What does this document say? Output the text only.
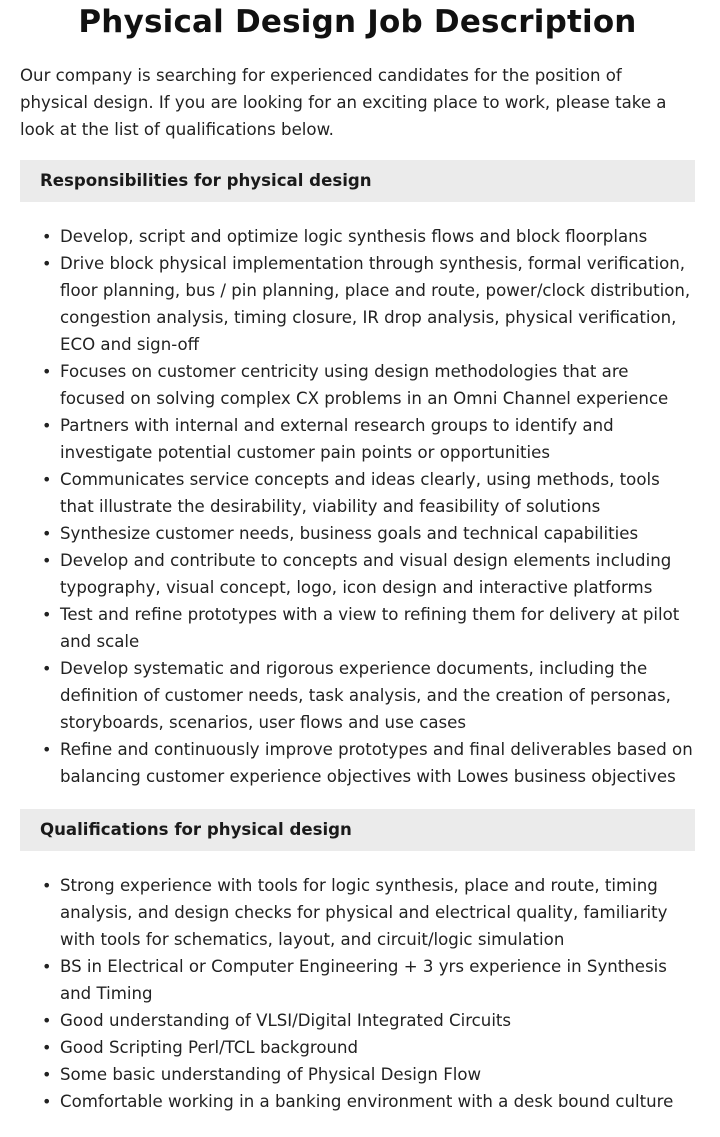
Physical Design Job Description

Our company is searching for experienced candidates for the position of physical design. If you are looking for an exciting place to work, please take a look at the list of qualifications below.

Responsibilities for physical design
• Develop, script and optimize logic synthesis flows and block floorplans
• Drive block physical implementation through synthesis, formal verification, floor planning, bus / pin planning, place and route, power/clock distribution, congestion analysis, timing closure, IR drop analysis, physical verification, ECO and sign-off
• Focuses on customer centricity using design methodologies that are focused on solving complex CX problems in an Omni Channel experience
• Partners with internal and external research groups to identify and investigate potential customer pain points or opportunities
• Communicates service concepts and ideas clearly, using methods, tools that illustrate the desirability, viability and feasibility of solutions
• Synthesize customer needs, business goals and technical capabilities
• Develop and contribute to concepts and visual design elements including typography, visual concept, logo, icon design and interactive platforms
• Test and refine prototypes with a view to refining them for delivery at pilot and scale
• Develop systematic and rigorous experience documents, including the definition of customer needs, task analysis, and the creation of personas, storyboards, scenarios, user flows and use cases
• Refine and continuously improve prototypes and final deliverables based on balancing customer experience objectives with Lowes business objectives
Qualifications for physical design
• Strong experience with tools for logic synthesis, place and route, timing analysis, and design checks for physical and electrical quality, familiarity with tools for schematics, layout, and circuit/logic simulation
• BS in Electrical or Computer Engineering + 3 yrs experience in Synthesis and Timing
• Good understanding of VLSI/Digital Integrated Circuits
• Good Scripting Perl/TCL background
• Some basic understanding of Physical Design Flow
• Comfortable working in a banking environment with a desk bound culture
